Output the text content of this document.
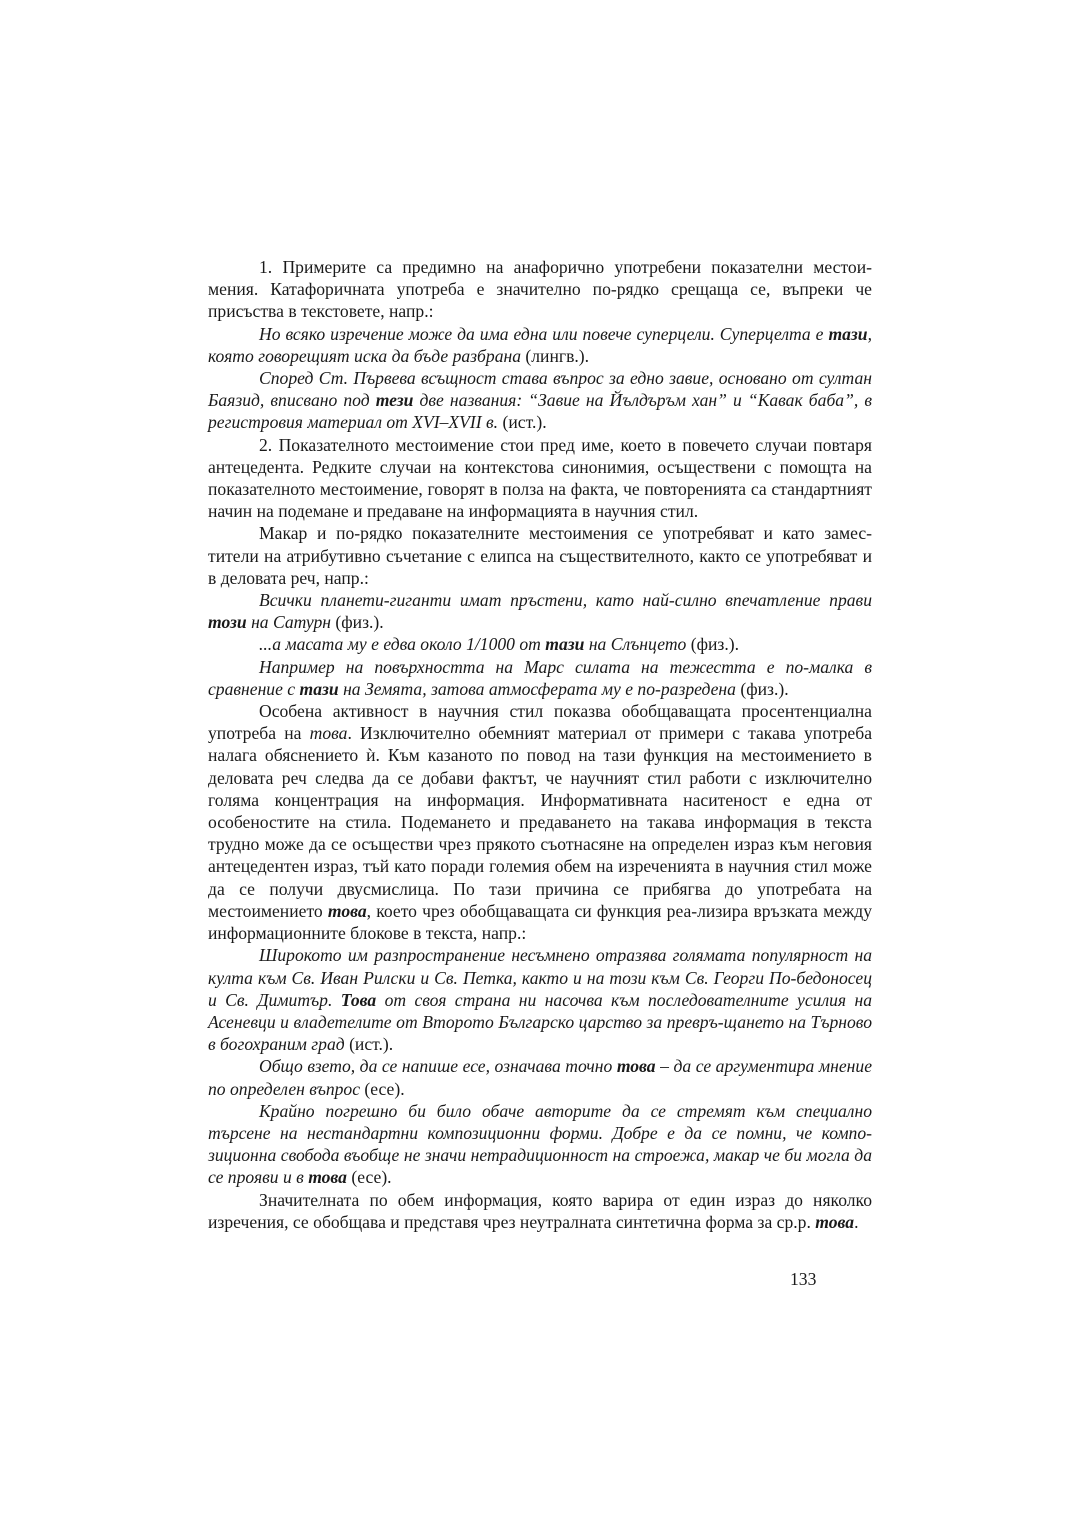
1. Примерите са предимно на анафорично употребени показателни местои-мения. Катафоричната употреба е значително по-рядко срещаща се, въпреки че присъства в текстовете, напр.:

Но всяко изречение може да има една или повече суперцели. Суперцелта е тази, която говорещият иска да бъде разбрана (лингв.).

Според Ст. Първева всъщност става въпрос за едно завие, основано от султан Баязид, вписвано под тези две названия: “Завие на Йълдъръм хан” и “Кавак баба”, в регистровия материал от XVI–XVII в. (ист.).

2. Показателното местоимение стои пред име, което в повечето случаи повтаря антецедента. Редките случаи на контекстова синонимия, осъществени с помощта на показателното местоимение, говорят в полза на факта, че повторенията са стандартният начин на подемане и предаване на информацията в научния стил.

Макар и по-рядко показателните местоимения се употребяват и като замес-тители на атрибутивно съчетание с елипса на съществителното, както се употребяват и в деловата реч, напр.:

Всички планети-гиганти имат пръстени, като най-силно впечатление прави този на Сатурн (физ.).

...а масата му е едва около 1/1000 от тази на Слънцето (физ.).

Например на повърхността на Марс силата на тежестта е по-малка в сравнение с тази на Земята, затова атмосферата му е по-разредена (физ.).

Особена активност в научния стил показва обобщаващата просентенциална употреба на това. Изключително обемният материал от примери с такава употреба налага обяснението ѝ. Към казаното по повод на тази функция на местоимението в деловата реч следва да се добави фактът, че научният стил работи с изключително голяма концентрация на информация. Информативната наситеност е една от особеностите на стила. Подемането и предаването на такава информация в текста трудно може да се осъществи чрез прякото съотнасяне на определен израз към неговия антецедентен израз, тъй като поради големия обем на изреченията в научния стил може да се получи двусмислица. По тази причина се прибягва до употребата на местоимението това, което чрез обобщаващата си функция реа-лизира връзката между информационните блокове в текста, напр.:

Широкото им разпространение несъмнено отразява голямата популярност на култа към Св. Иван Рилски и Св. Петка, както и на този към Св. Георги По-бедоносец и Св. Димитър. Това от своя страна ни насочва към последователните усилия на Асеневци и владетелите от Второто Българско царство за превръ-щането на Търново в богохраним град (ист.).

Общо взето, да се напише есе, означава точно това – да се аргументира мнение по определен въпрос (есе).

Крайно погрешно би било обаче авторите да се стремят към специално търсене на нестандартни композиционни форми. Добре е да се помни, че компо-зиционна свобода въобще не значи нетрадиционност на строежа, макар че би могла да се прояви и в това (есе).

Значителната по обем информация, която варира от един израз до няколко изречения, се обобщава и представя чрез неутралната синтетична форма за ср.р. това.

133
